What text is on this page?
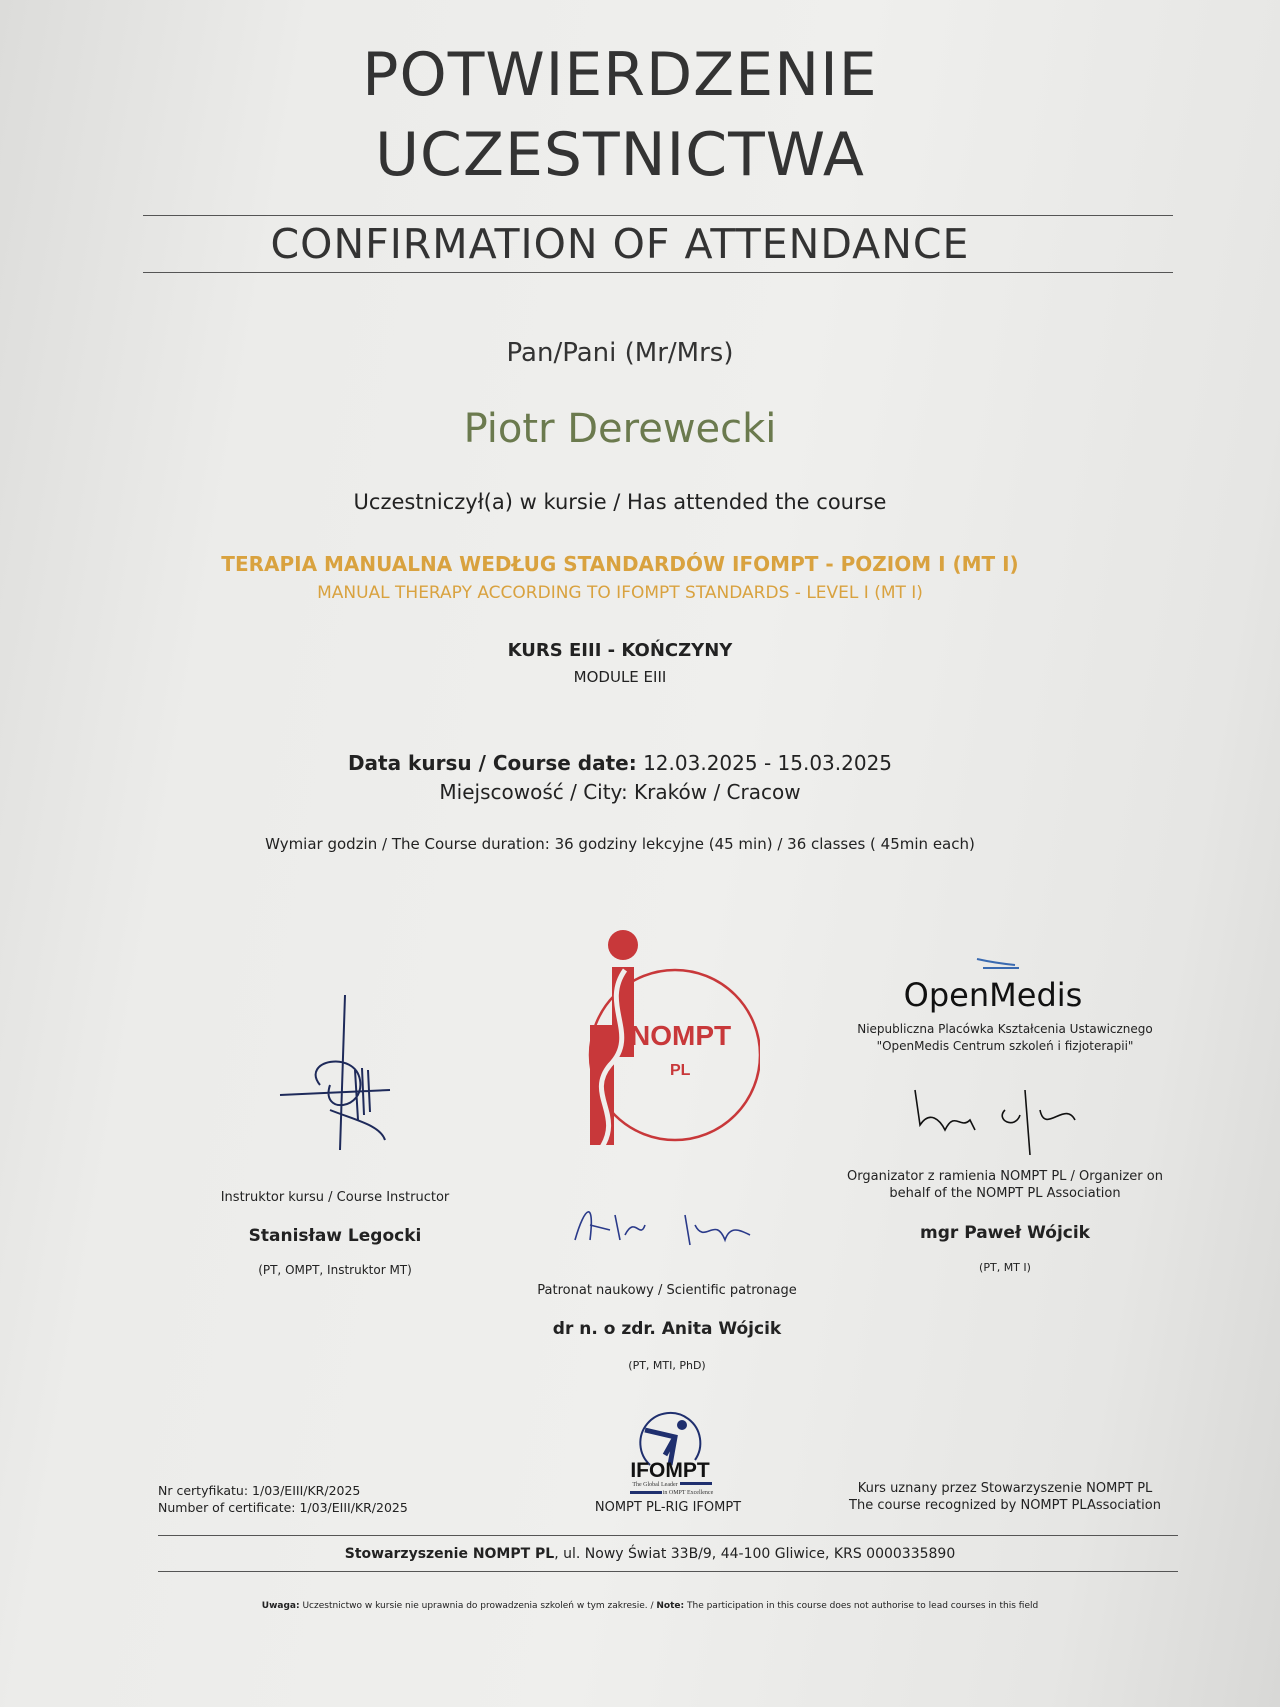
POTWIERDZENIE
UCZESTNICTWA
CONFIRMATION OF ATTENDANCE
Pan/Pani (Mr/Mrs)
Piotr Derewecki
Uczestniczył(a) w kursie / Has attended the course
TERAPIA MANUALNA WEDŁUG STANDARDÓW IFOMPT - POZIOM I (MT I)
MANUAL THERAPY ACCORDING TO IFOMPT STANDARDS - LEVEL I (MT I)
KURS EIII - KOŃCZYNY
MODULE EIII
Data kursu / Course date: 12.03.2025 - 15.03.2025
Miejscowość / City: Kraków / Cracow
Wymiar godzin / The Course duration: 36 godziny lekcyjne (45 min) / 36 classes ( 45min each)
Instruktor kursu / Course Instructor
Stanisław Legocki
(PT, OMPT, Instruktor MT)
NOMPT
PL
Patronat naukowy / Scientific patronage
dr n. o zdr. Anita Wójcik
(PT, MTI, PhD)
OpenMedis
Niepubliczna Placówka Kształcenia Ustawicznego
"OpenMedis Centrum szkoleń i fizjoterapii"
Organizator z ramienia NOMPT PL / Organizer on
behalf of the NOMPT PL Association
mgr Paweł Wójcik
(PT, MT I)
IFOMPT
The Global Leader
in OMPT Excellence
NOMPT PL-RIG IFOMPT
Nr certyfikatu: 1/03/EIII/KR/2025
Number of certificate: 1/03/EIII/KR/2025
Kurs uznany przez Stowarzyszenie NOMPT PL
The course recognized by NOMPT PLAssociation
Stowarzyszenie NOMPT PL, ul. Nowy Świat 33B/9, 44-100 Gliwice, KRS 0000335890
Uwaga: Uczestnictwo w kursie nie uprawnia do prowadzenia szkoleń w tym zakresie. / Note: The participation in this course does not authorise to lead courses in this field
